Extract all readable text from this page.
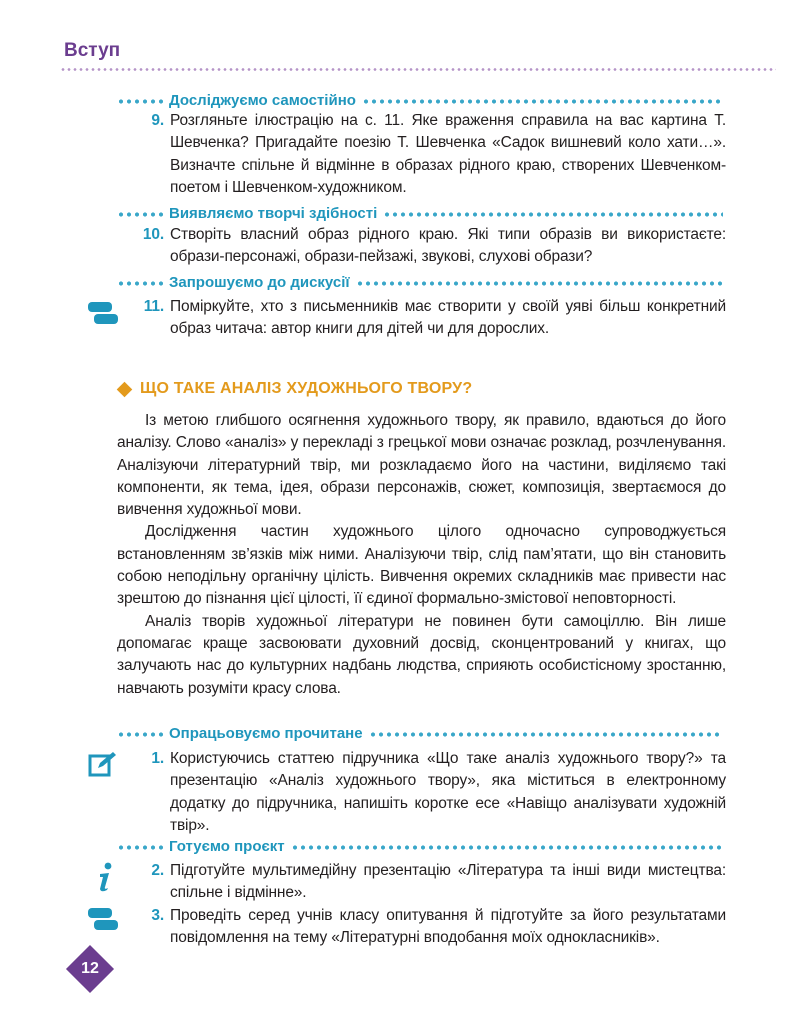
Вступ
Досліджуємо самостійно
9. Розгляньте ілюстрацію на с. 11. Яке враження справила на вас картина Т. Шевченка? Пригадайте поезію Т. Шевченка «Садок вишневий коло хати…». Визначте спільне й відмінне в образах рідного краю, створених Шевченком-поетом і Шевченком-художником.
Виявляємо творчі здібності
10. Створіть власний образ рідного краю. Які типи образів ви використаєте: образи-персонажі, образи-пейзажі, звукові, слухові образи?
Запрошуємо до дискусії
11. Поміркуйте, хто з письменників має створити у своїй уяві більш конкретний образ читача: автор книги для дітей чи для дорослих.
ЩО ТАКЕ АНАЛІЗ ХУДОЖНЬОГО ТВОРУ?

Із метою глибшого осягнення художнього твору, як правило, вдаються до його аналізу. Слово «аналіз» у перекладі з грецької мови означає розклад, розчленування. Аналізуючи літературний твір, ми розкладаємо його на частини, виділяємо такі компоненти, як тема, ідея, образи персонажів, сюжет, композиція, звертаємося до вивчення художньої мови.

Дослідження частин художнього цілого одночасно супроводжується встановленням зв’язків між ними. Аналізуючи твір, слід пам’ятати, що він становить собою неподільну органічну цілість. Вивчення окремих складників має привести нас зрештою до пізнання цієї цілості, її єдиної формально-змістової неповторності.

Аналіз творів художньої літератури не повинен бути самоціллю. Він лише допомагає краще засвоювати духовний досвід, сконцентрований у книгах, що залучають нас до культурних надбань людства, сприяють особистісному зростанню, навчають розуміти красу слова.

Опрацьовуємо прочитане
1. Користуючись статтею підручника «Що таке аналіз художнього твору?» та презентацію «Аналіз художнього твору», яка міститься в електронному додатку до підручника, напишіть коротке есе «Навіщо аналізувати художній твір».
Готуємо проєкт
2. Підготуйте мультимедійну презентацію «Література та інші види мистецтва: спільне і відмінне».
3. Проведіть серед учнів класу опитування й підготуйте за його результатами повідомлення на тему «Літературні вподобання моїх однокласників».
12
